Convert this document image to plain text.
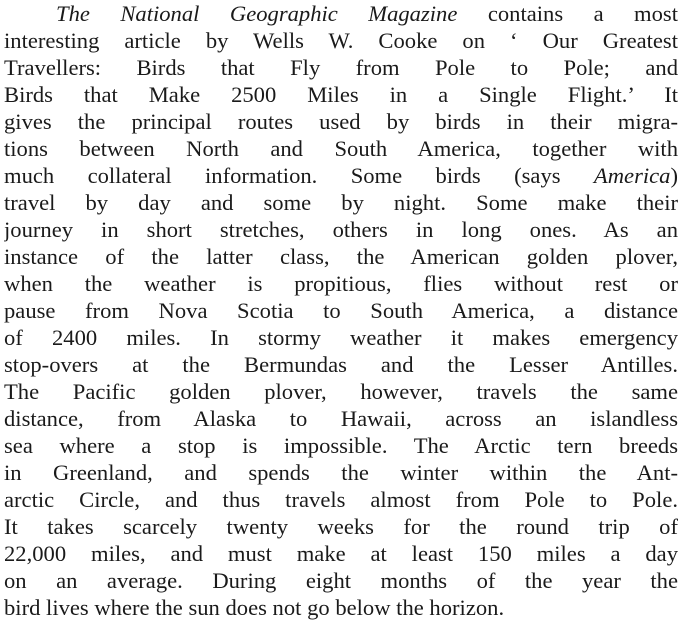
The National Geographic Magazine contains a most
interesting article by Wells W. Cooke on ‘ Our Greatest
Travellers: Birds that Fly from Pole to Pole; and
Birds that Make 2500 Miles in a Single Flight.’ It
gives the principal routes used by birds in their migra-
tions between North and South America, together with
much collateral information. Some birds (says America)
travel by day and some by night. Some make their
journey in short stretches, others in long ones. As an
instance of the latter class, the American golden plover,
when the weather is propitious, flies without rest or
pause from Nova Scotia to South America, a distance
of 2400 miles. In stormy weather it makes emergency
stop-overs at the Bermundas and the Lesser Antilles.
The Pacific golden plover, however, travels the same
distance, from Alaska to Hawaii, across an islandless
sea where a stop is impossible. The Arctic tern breeds
in Greenland, and spends the winter within the Ant-
arctic Circle, and thus travels almost from Pole to Pole.
It takes scarcely twenty weeks for the round trip of
22,000 miles, and must make at least 150 miles a day
on an average. During eight months of the year the
bird lives where the sun does not go below the horizon.
